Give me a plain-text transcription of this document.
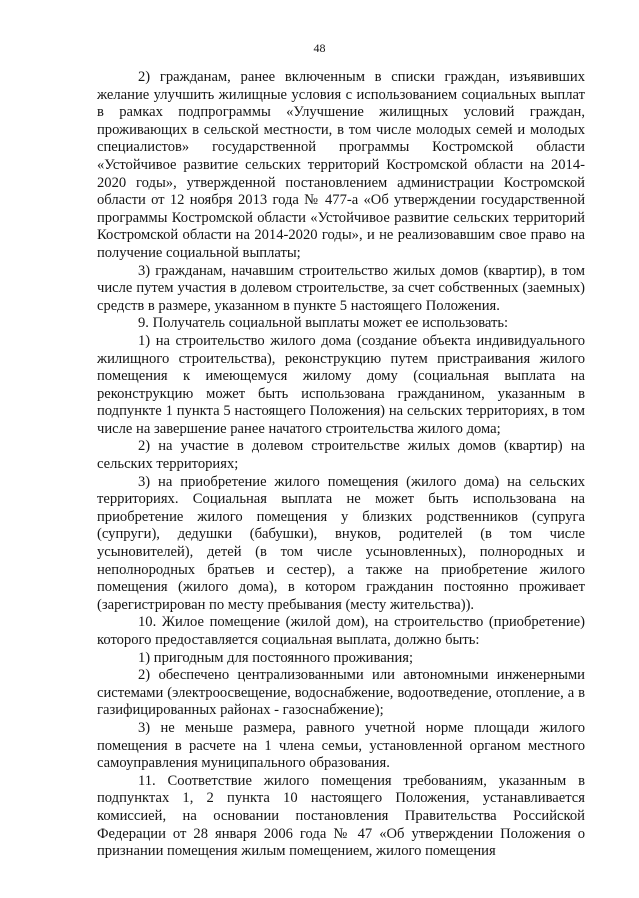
48

2) гражданам, ранее включенным в списки граждан, изъявивших желание улучшить жилищные условия с использованием социальных выплат в рамках подпрограммы «Улучшение жилищных условий граждан, проживающих в сельской местности, в том числе молодых семей и молодых специалистов» государственной программы Костромской области «Устойчивое развитие сельских территорий Костромской области на 2014-2020 годы», утвержденной постановлением администрации Костромской области от 12 ноября 2013 года № 477-а «Об утверждении государственной программы Костромской области «Устойчивое развитие сельских территорий Костромской области на 2014-2020 годы», и не реализовавшим свое право на получение социальной выплаты;

3) гражданам, начавшим строительство жилых домов (квартир), в том числе путем участия в долевом строительстве, за счет собственных (заемных) средств в размере, указанном в пункте 5 настоящего Положения.

9. Получатель социальной выплаты может ее использовать:

1) на строительство жилого дома (создание объекта индивидуального жилищного строительства), реконструкцию путем пристраивания жилого помещения к имеющемуся жилому дому (социальная выплата на реконструкцию может быть использована гражданином, указанным в подпункте 1 пункта 5 настоящего Положения) на сельских территориях, в том числе на завершение ранее начатого строительства жилого дома;

2) на участие в долевом строительстве жилых домов (квартир) на сельских территориях;

3) на приобретение жилого помещения (жилого дома) на сельских территориях. Социальная выплата не может быть использована на приобретение жилого помещения у близких родственников (супруга (супруги), дедушки (бабушки), внуков, родителей (в том числе усыновителей), детей (в том числе усыновленных), полнородных и неполнородных братьев и сестер), а также на приобретение жилого помещения (жилого дома), в котором гражданин постоянно проживает (зарегистрирован по месту пребывания (месту жительства)).

10. Жилое помещение (жилой дом), на строительство (приобретение) которого предоставляется социальная выплата, должно быть:

1) пригодным для постоянного проживания;

2) обеспечено централизованными или автономными инженерными системами (электроосвещение, водоснабжение, водоотведение, отопление, а в газифицированных районах - газоснабжение);

3) не меньше размера, равного учетной норме площади жилого помещения в расчете на 1 члена семьи, установленной органом местного самоуправления муниципального образования.

11. Соответствие жилого помещения требованиям, указанным в подпунктах 1, 2 пункта 10 настоящего Положения, устанавливается комиссией, на основании постановления Правительства Российской Федерации от 28 января 2006 года № 47 «Об утверждении Положения о признании помещения жилым помещением, жилого помещения
